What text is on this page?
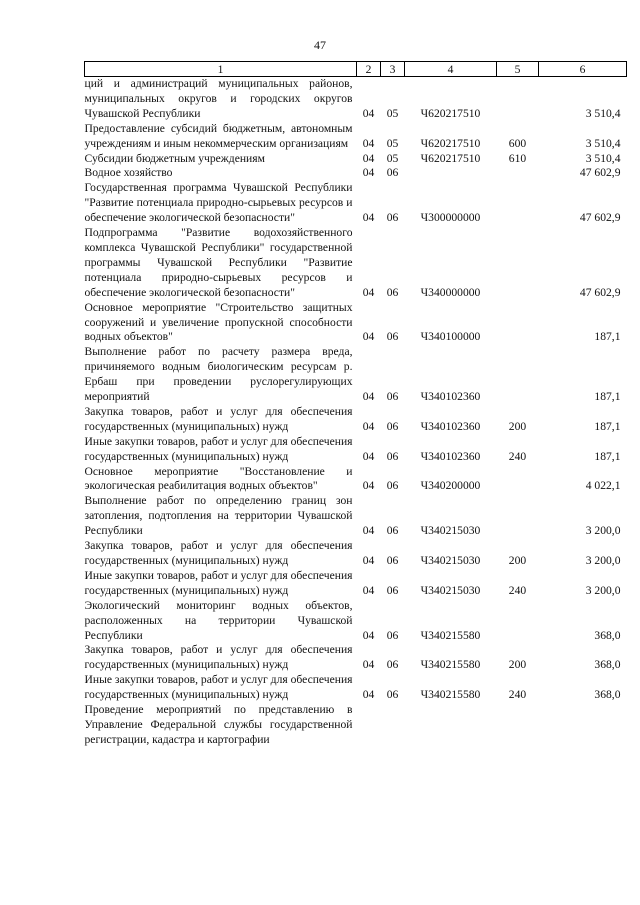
47
1	2	3	4	5	6
ций и администраций муниципальных районов, муниципальных округов и городских округов Чувашской Республики	04	05	Ч620217510		3 510,4
Предоставление субсидий бюджетным, автономным учреждениям и иным некоммерческим организациям	04	05	Ч620217510	600	3 510,4
Субсидии бюджетным учреждениям	04	05	Ч620217510	610	3 510,4
Водное хозяйство	04	06			47 602,9
Государственная программа Чувашской Республики "Развитие потенциала природно-сырьевых ресурсов и обеспечение экологической безопасности"	04	06	Ч300000000		47 602,9
Подпрограмма "Развитие водохозяйственного комплекса Чувашской Республики" государственной программы Чувашской Республики "Развитие потенциала природно-сырьевых ресурсов и обеспечение экологической безопасности"	04	06	Ч340000000		47 602,9
Основное мероприятие "Строительство защитных сооружений и увеличение пропускной способности водных объектов"	04	06	Ч340100000		187,1
Выполнение работ по расчету размера вреда, причиняемого водным биологическим ресурсам р. Ербаш при проведении руслорегулирующих мероприятий	04	06	Ч340102360		187,1
Закупка товаров, работ и услуг для обеспечения государственных (муниципальных) нужд	04	06	Ч340102360	200	187,1
Иные закупки товаров, работ и услуг для обеспечения государственных (муниципальных) нужд	04	06	Ч340102360	240	187,1
Основное мероприятие "Восстановление и экологическая реабилитация водных объектов"	04	06	Ч340200000		4 022,1
Выполнение работ по определению границ зон затопления, подтопления на территории Чувашской Республики	04	06	Ч340215030		3 200,0
Закупка товаров, работ и услуг для обеспечения государственных (муниципальных) нужд	04	06	Ч340215030	200	3 200,0
Иные закупки товаров, работ и услуг для обеспечения государственных (муниципальных) нужд	04	06	Ч340215030	240	3 200,0
Экологический мониторинг водных объектов, расположенных на территории Чувашской Республики	04	06	Ч340215580		368,0
Закупка товаров, работ и услуг для обеспечения государственных (муниципальных) нужд	04	06	Ч340215580	200	368,0
Иные закупки товаров, работ и услуг для обеспечения государственных (муниципальных) нужд	04	06	Ч340215580	240	368,0
Проведение мероприятий по представлению в Управление Федеральной службы государственной регистрации, кадастра и картографии					
